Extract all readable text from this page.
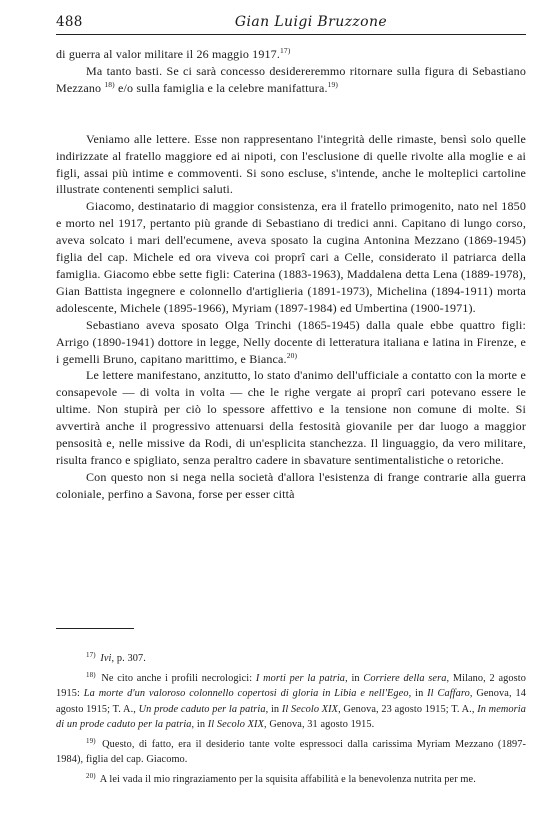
488	Gian Luigi Bruzzone

di guerra al valor militare il 26 maggio 1917.$^{17)}$

Ma tanto basti. Se ci sarà concesso desidereremmo ritornare sulla figura di Sebastiano Mezzano $^{18)}$ e/o sulla famiglia e la celebre manifattura.$^{19)}$

Veniamo alle lettere. Esse non rappresentano l'integrità delle rimaste, bensì solo quelle indirizzate al fratello maggiore ed ai nipoti, con l'esclusione di quelle rivolte alla moglie e ai figli, assai più intime e commoventi. Si sono escluse, s'intende, anche le molteplici cartoline illustrate contenenti semplici saluti.

Giacomo, destinatario di maggior consistenza, era il fratello primogenito, nato nel 1850 e morto nel 1917, pertanto più grande di Sebastiano di tredici anni. Capitano di lungo corso, aveva solcato i mari dell'ecumene, aveva sposato la cugina Antonina Mezzano (1869-1945) figlia del cap. Michele ed ora viveva coi proprî cari a Celle, considerato il patriarca della famiglia. Giacomo ebbe sette figli: Caterina (1883-1963), Maddalena detta Lena (1889-1978), Gian Battista ingegnere e colonnello d'artiglieria (1891-1973), Michelina (1894-1911) morta adolescente, Michele (1895-1966), Myriam (1897-1984) ed Umbertina (1900-1971).

Sebastiano aveva sposato Olga Trinchi (1865-1945) dalla quale ebbe quattro figli: Arrigo (1890-1941) dottore in legge, Nelly docente di letteratura italiana e latina in Firenze, e i gemelli Bruno, capitano marittimo, e Bianca.$^{20)}$

Le lettere manifestano, anzitutto, lo stato d'animo dell'ufficiale a contatto con la morte e consapevole — di volta in volta — che le righe vergate ai proprî cari potevano essere le ultime. Non stupirà per ciò lo spessore affettivo e la tensione non comune di molte. Si avvertirà anche il progressivo attenuarsi della festosità giovanile per dar luogo a maggior pensosità e, nelle missive da Rodi, di un'esplicita stanchezza. Il linguaggio, da vero militare, risulta franco e spigliato, senza peraltro cadere in sbavature sentimentalistiche o retoriche.

Con questo non si nega nella società d'allora l'esistenza di frange contrarie alla guerra coloniale, perfino a Savona, forse per esser città

$^{17)}$ Ivi, p. 307.

$^{18)}$ Ne cito anche i profili necrologici: I morti per la patria, in Corriere della sera, Milano, 2 agosto 1915: La morte d'un valoroso colonnello copertosi di gloria in Libia e nell'Egeo, in Il Caffaro, Genova, 14 agosto 1915; T. A., Un prode caduto per la patria, in Il Secolo XIX, Genova, 23 agosto 1915; T. A., In memoria di un prode caduto per la patria, in Il Secolo XIX, Genova, 31 agosto 1915.

$^{19)}$ Questo, di fatto, era il desiderio tante volte espressoci dalla carissima Myriam Mezzano (1897-1984), figlia del cap. Giacomo.

$^{20)}$ A lei vada il mio ringraziamento per la squisita affabilità e la benevolenza nutrita per me.
